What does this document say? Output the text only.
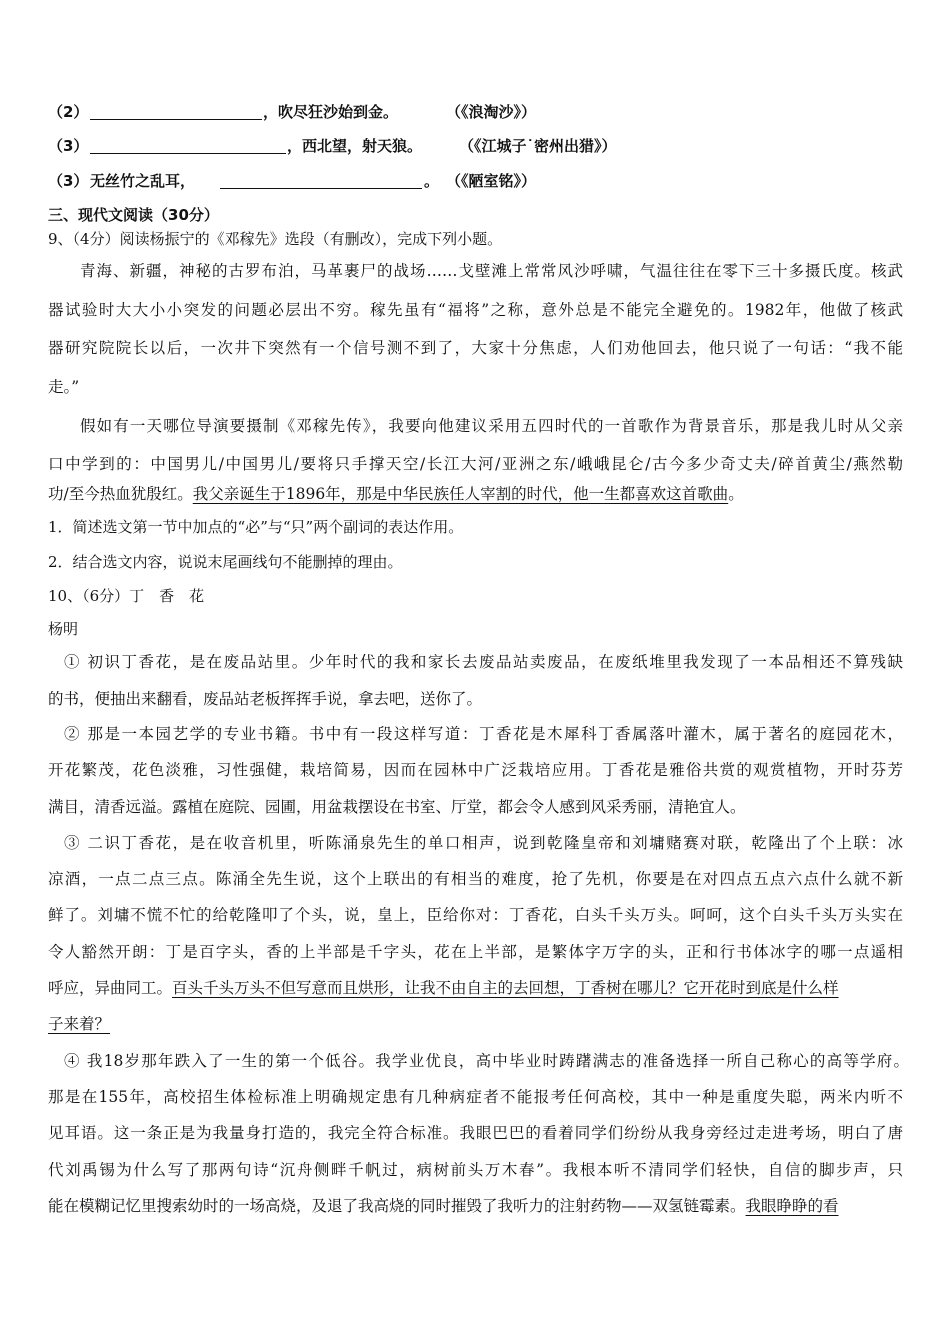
（2）	，吹尽狂沙始到金。	（《浪淘沙》）
（3）	，西北望，射天狼。 （《江城子˙密州出猎》）
（3） 无丝竹之乱耳，	。 （《陋室铭》）
三、现代文阅读（30分）
9、（4分）阅读杨振宁的《邓稼先》选段（有删改），完成下列小题。
青海、新疆，神秘的古罗布泊，马革裹尸的战场……戈壁滩上常常风沙呼啸，气温往往在零下三十多摄氏度。核武
器试验时大大小小突发的问题必层出不穷。稼先虽有“福将”之称，意外总是不能完全避免的。1982年，他做了核武
器研究院院长以后，一次井下突然有一个信号测不到了，大家十分焦虑，人们劝他回去，他只说了一句话：“我不能
走。”
假如有一天哪位导演要摄制《邓稼先传》，我要向他建议采用五四时代的一首歌作为背景音乐，那是我儿时从父亲
口中学到的：中国男儿/中国男儿/要将只手撑天空/长江大河/亚洲之东/峨峨昆仑/古今多少奇丈夫/碎首黄尘/燕然勒
功/至今热血犹殷红。我父亲诞生于1896年，那是中华民族任人宰割的时代，他一生都喜欢这首歌曲。
1．简述选文第一节中加点的“必”与“只”两个副词的表达作用。
2．结合选文内容，说说末尾画线句不能删掉的理由。
10、（6分）丁　香　花
杨明
① 初识丁香花，是在废品站里。少年时代的我和家长去废品站卖废品，在废纸堆里我发现了一本品相还不算残缺
的书，便抽出来翻看，废品站老板挥挥手说，拿去吧，送你了。
② 那是一本园艺学的专业书籍。书中有一段这样写道：丁香花是木犀科丁香属落叶灌木，属于著名的庭园花木，
开花繁茂，花色淡雅，习性强健，栽培简易，因而在园林中广泛栽培应用。丁香花是雅俗共赏的观赏植物，开时芬芳
满目，清香远溢。露植在庭院、园圃，用盆栽摆设在书室、厅堂，都会令人感到风采秀丽，清艳宜人。
③ 二识丁香花，是在收音机里，听陈涌泉先生的单口相声，说到乾隆皇帝和刘墉赌赛对联，乾隆出了个上联：冰
凉酒，一点二点三点。陈涌全先生说，这个上联出的有相当的难度，抢了先机，你要是在对四点五点六点什么就不新
鲜了。刘墉不慌不忙的给乾隆叩了个头，说，皇上，臣给你对：丁香花，白头千头万头。呵呵，这个白头千头万头实在
令人豁然开朗：丁是百字头，香的上半部是千字头，花在上半部，是繁体字万字的头，正和行书体冰字的哪一点遥相
呼应，异曲同工。百头千头万头不但写意而且烘形，让我不由自主的去回想，丁香树在哪儿？它开花时到底是什么样
子来着？
④ 我18岁那年跌入了一生的第一个低谷。我学业优良，高中毕业时踌躇满志的准备选择一所自己称心的高等学府。
那是在155年，高校招生体检标准上明确规定患有几种病症者不能报考任何高校，其中一种是重度失聪，两米内听不
见耳语。这一条正是为我量身打造的，我完全符合标准。我眼巴巴的看着同学们纷纷从我身旁经过走进考场，明白了唐
代刘禹锡为什么写了那两句诗“沉舟侧畔千帆过，病树前头万木春”。我根本听不清同学们轻快，自信的脚步声，只
能在模糊记忆里搜索幼时的一场高烧，及退了我高烧的同时摧毁了我听力的注射药物——双氢链霉素。我眼睁睁的看
